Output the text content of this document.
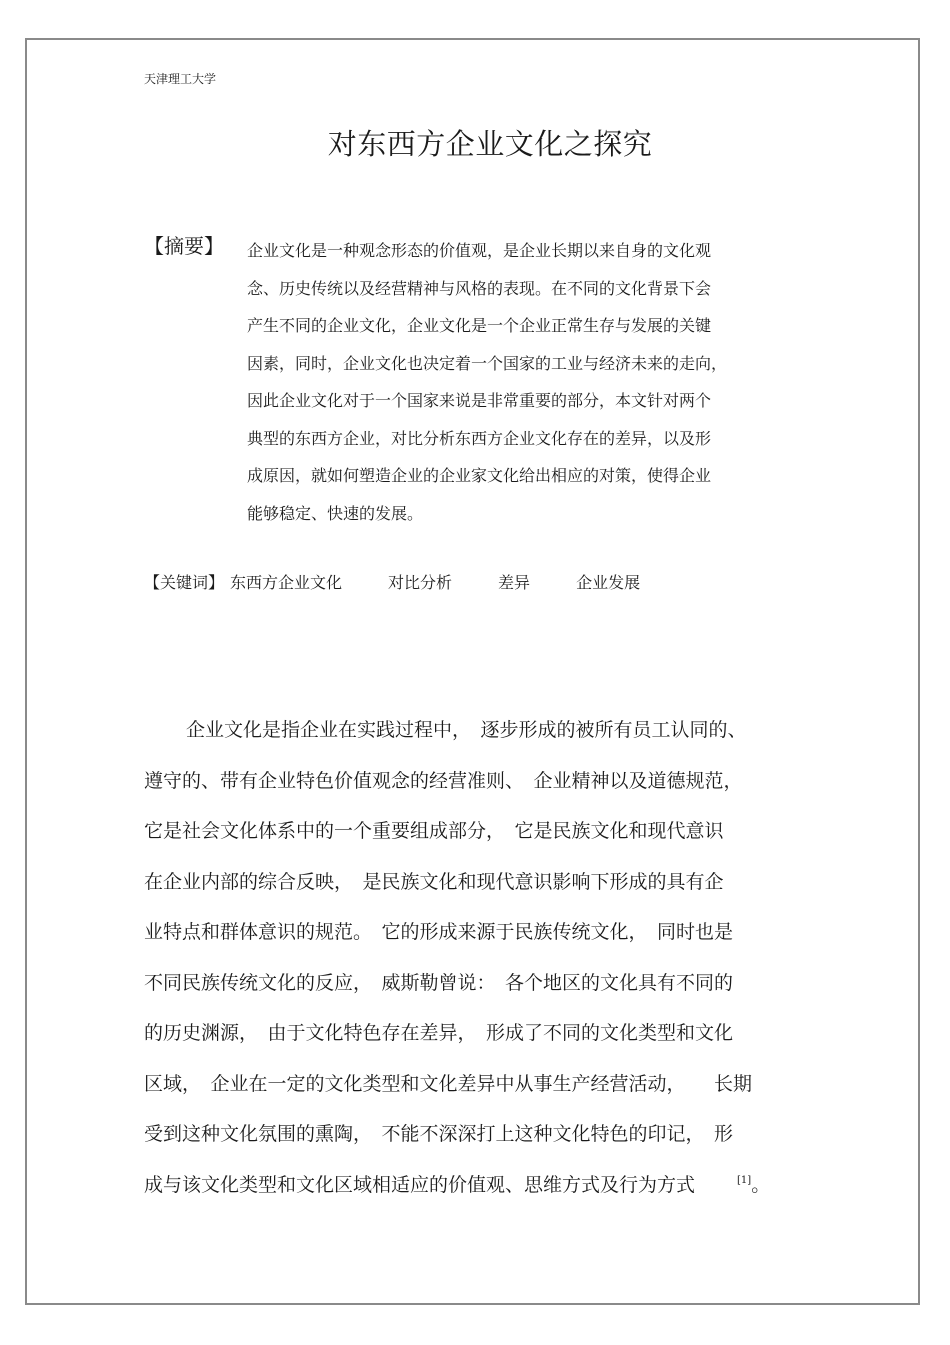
天津理工大学
对东西方企业文化之探究
【摘要】 企业文化是一种观念形态的价值观，是企业长期以来自身的文化观
念、历史传统以及经营精神与风格的表现。在不同的文化背景下会
产生不同的企业文化，企业文化是一个企业正常生存与发展的关键
因素，同时，企业文化也决定着一个国家的工业与经济未来的走向，
因此企业文化对于一个国家来说是非常重要的部分，本文针对两个
典型的东西方企业，对比分析东西方企业文化存在的差异，以及形
成原因，就如何塑造企业的企业家文化给出相应的对策，使得企业
能够稳定、快速的发展。
【关键词】 东西方企业文化	对比分析	差异	企业发展
企业文化是指企业在实践过程中，　逐步形成的被所有员工认同的、
遵守的、带有企业特色价值观念的经营准则、　企业精神以及道德规范，
它是社会文化体系中的一个重要组成部分，　它是民族文化和现代意识
在企业内部的综合反映，　是民族文化和现代意识影响下形成的具有企
业特点和群体意识的规范。　它的形成来源于民族传统文化，　同时也是
不同民族传统文化的反应，　威斯勒曾说：　各个地区的文化具有不同的
的历史渊源，　由于文化特色存在差异，　形成了不同的文化类型和文化
区域，　企业在一定的文化类型和文化差异中从事生产经营活动，　　长期
受到这种文化氛围的熏陶，　不能不深深打上这种文化特色的印记，　形
成与该文化类型和文化区域相适应的价值观、思维方式及行为方式	[1]。
